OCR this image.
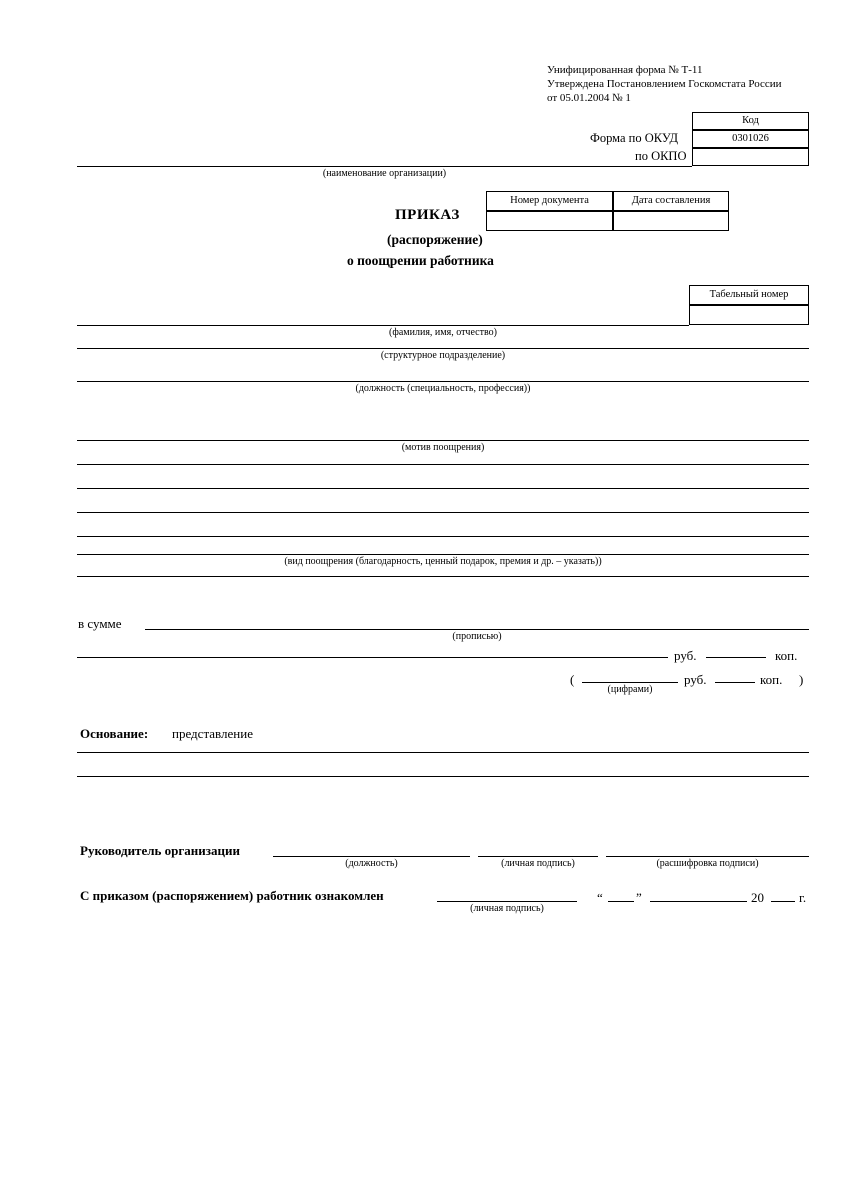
Унифицированная форма № Т-11
Утверждена Постановлением Госкомстата России
от 05.01.2004 № 1
Код
0301026
Форма по ОКУД
по ОКПО
(наименование организации)
Номер документа	Дата составления
ПРИКАЗ
(распоряжение)
о поощрении работника
Табельный номер
(фамилия, имя, отчество)
(структурное подразделение)
(должность (специальность, профессия))
(мотив поощрения)
(вид поощрения (благодарность, ценный подарок, премия и др. – указать))
в сумме
(прописью)
руб.	коп.
(
(цифрами)
руб.	коп. )
Основание: представление
Руководитель организации
(должность)	(личная подпись)	(расшифровка подписи)
С приказом (распоряжением) работник ознакомлен
(личная подпись)
“	”	20	г.
